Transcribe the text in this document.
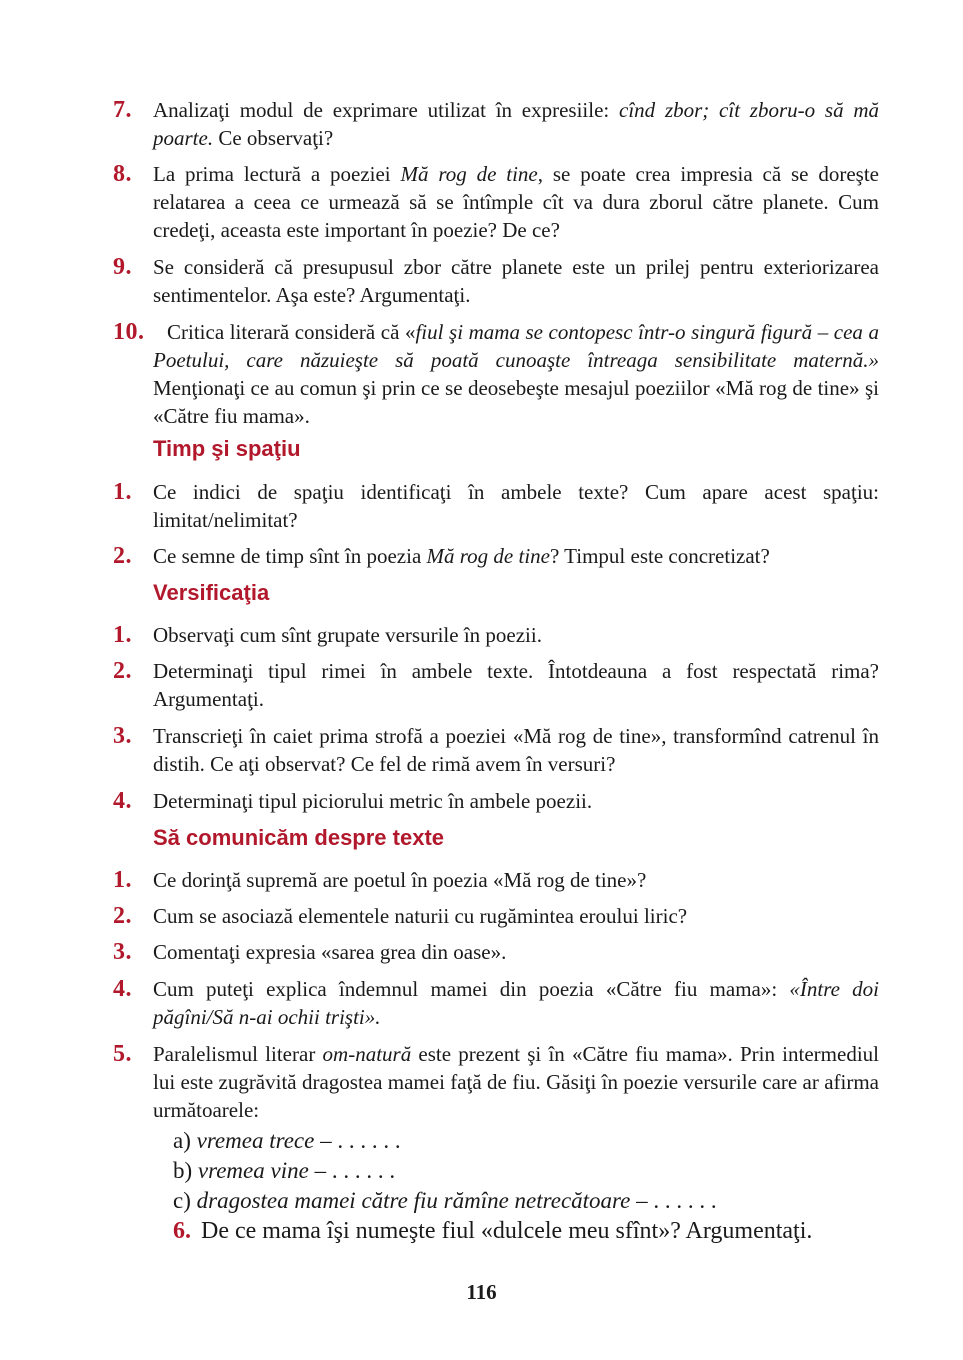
7. Analizaţi modul de exprimare utilizat în expresiile: cînd zbor; cît zboru-o să mă poarte. Ce observaţi?
8. La prima lectură a poeziei Mă rog de tine, se poate crea impresia că se doreşte relatarea a ceea ce urmează să se întîmple cît va dura zborul către planete. Cum credeţi, aceasta este important în poezie? De ce?
9. Se consideră că presupusul zbor către planete este un prilej pentru exteriorizarea sentimentelor. Aşa este? Argumentaţi.
10. Critica literară consideră că «fiul şi mama se contopesc într-o singură figură – cea a Poetului, care năzuieşte să poată cunoaşte întreaga sensibilitate maternă.» Menţionaţi ce au comun şi prin ce se deosebeşte mesajul poeziilor «Mă rog de tine» şi «Către fiu mama».
Timp şi spaţiu
1. Ce indici de spaţiu identificaţi în ambele texte? Cum apare acest spaţiu: limitat/nelimitat?
2. Ce semne de timp sînt în poezia Mă rog de tine? Timpul este concretizat?
Versificaţia
1. Observaţi cum sînt grupate versurile în poezii.
2. Determinaţi tipul rimei în ambele texte. Întotdeauna a fost respectată rima? Argumentaţi.
3. Transcrieţi în caiet prima strofă a poeziei «Mă rog de tine», transformînd catrenul în distih. Ce aţi observat? Ce fel de rimă avem în versuri?
4. Determinaţi tipul piciorului metric în ambele poezii.
Să comunicăm despre texte
1. Ce dorinţă supremă are poetul în poezia «Mă rog de tine»?
2. Cum se asociază elementele naturii cu rugămintea eroului liric?
3. Comentaţi expresia «sarea grea din oase».
4. Cum puteţi explica îndemnul mamei din poezia «Către fiu mama»: «Între doi păgîni/Să n-ai ochii trişti».
5. Paralelismul literar om-natură este prezent şi în «Către fiu mama». Prin intermediul lui este zugrăvită dragostea mamei faţă de fiu. Găsiţi în poezie versurile care ar afirma următoarele:
a) vremea trece – . . . . . .
b) vremea vine – . . . . . .
c) dragostea mamei către fiu rămîne netrecătoare – . . . . . .
6. De ce mama îşi numeşte fiul «dulcele meu sfînt»? Argumentaţi.
116
